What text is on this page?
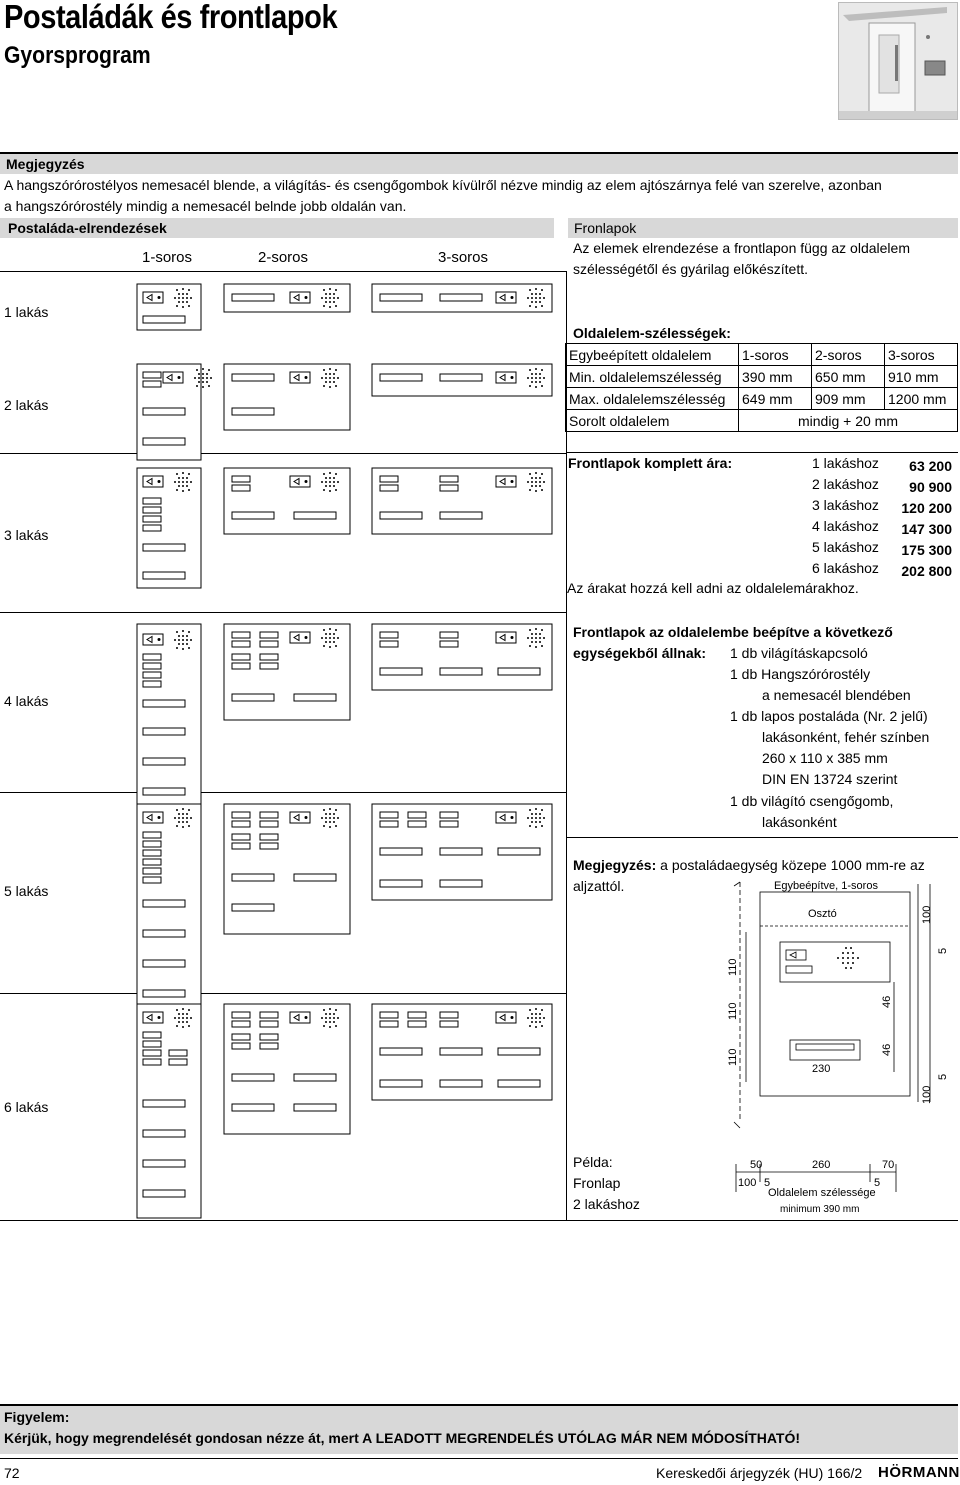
Postaládák és frontlapok
Gyorsprogram
Megjegyzés
A hangszórórostélyos nemesacél blende, a világítás- és csengőgombok kívülről nézve mindig az elem ajtószárnya felé van szerelve, azonban
a hangszórórostély mindig a nemesacél belnde jobb oldalán van.
Postaláda-elrendezések	Fronlapok
1-soros	2-soros	3-soros
1 lakás
2 lakás
3 lakás
4 lakás
5 lakás
6 lakás
Az elemek elrendezése a frontlapon függ az oldalelem
szélességétől és gyárilag előkészített.
Oldalelem-szélességek:
Egybeépített oldalelem	1-soros	2-soros	3-soros
Min. oldalelemszélesség	390 mm	650 mm	910 mm
Max. oldalelemszélesség	649 mm	909 mm	1200 mm
Sorolt oldalelem	mindig + 20 mm		
Frontlapok komplett ára:	1 lakáshoz 63 200
2 lakáshoz 90 900
3 lakáshoz 120 200
4 lakáshoz 147 300
5 lakáshoz 175 300
6 lakáshoz 202 800
Az árakat hozzá kell adni az oldalelemárakhoz.
Frontlapok az oldalelembe beépítve a következő
egységekből állnak: 1 db világításkapcsoló
1 db Hangszórórostély
a nemesacél blendében
1 db lapos postaláda (Nr. 2 jelű)
lakásonként, fehér színben
260 x 110 x 385 mm
DIN EN 13724 szerint
1 db világító csengőgomb,
lakásonként
Megjegyzés: a postaládaegység közepe 1000 mm-re az
aljzattól.	Egybeépítve, 1-soros
Osztó
230
100
5
110
110
110
46
46
5
100
50	260	70
100 5	5
Oldalelem szélessége
minimum 390 mm
Példa:
Fronlap
2 lakáshoz
Figyelem:
Kérjük, hogy megrendelését gondosan nézze át, mert A LEADOTT MEGRENDELÉS UTÓLAG MÁR NEM MÓDOSÍTHATÓ!
72	Kereskedői árjegyzék (HU) 166/2 HÖRMANN
